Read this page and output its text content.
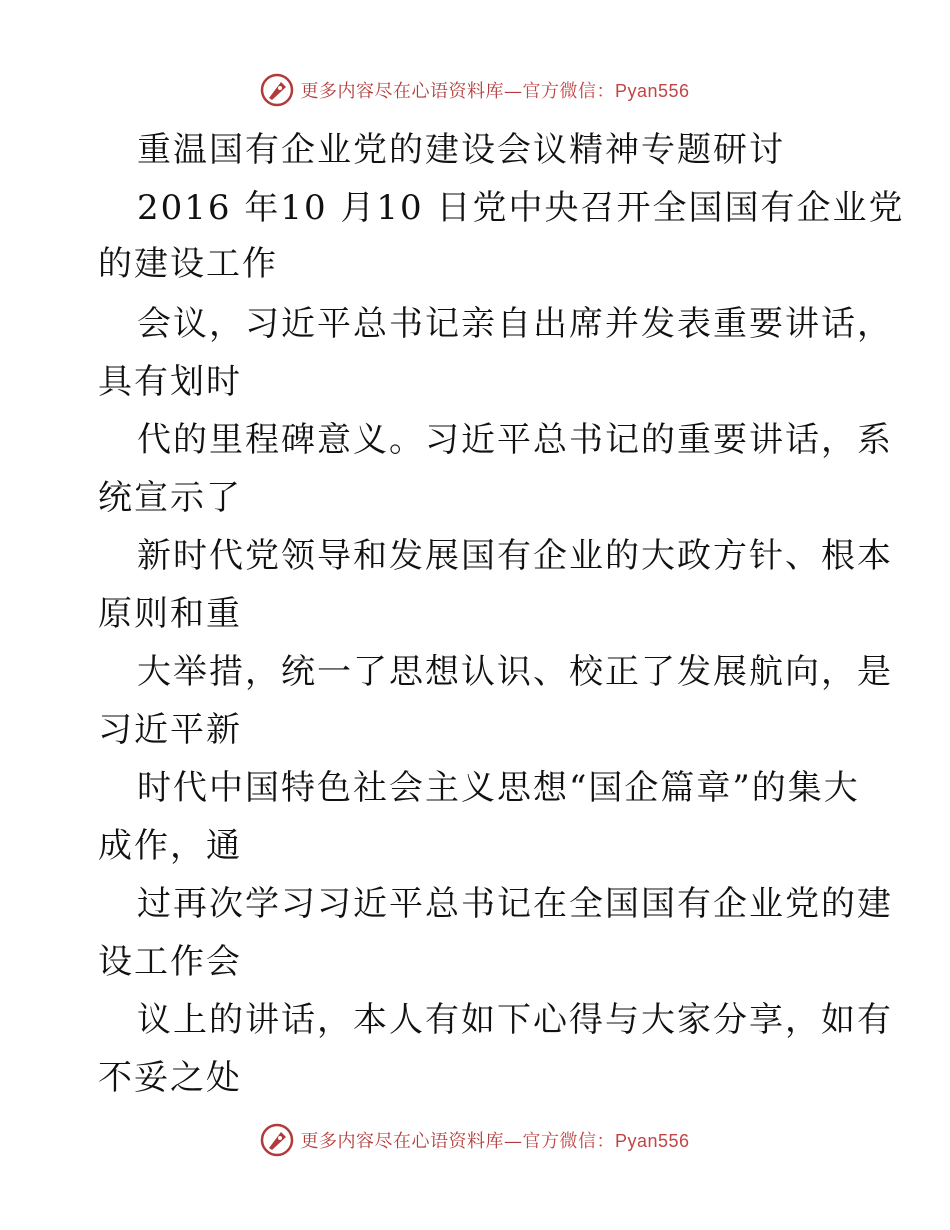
更多内容尽在心语资料库—官方微信：Pyan556
重温国有企业党的建设会议精神专题研讨
2016 年10 月10 日党中央召开全国国有企业党
的建设工作
会议，习近平总书记亲自出席并发表重要讲话，
具有划时
代的里程碑意义。习近平总书记的重要讲话，系
统宣示了
新时代党领导和发展国有企业的大政方针、根本
原则和重
大举措，统一了思想认识、校正了发展航向，是
习近平新
时代中国特色社会主义思想“国企篇章”的集大
成作，通
过再次学习习近平总书记在全国国有企业党的建
设工作会
议上的讲话，本人有如下心得与大家分享，如有
不妥之处
更多内容尽在心语资料库—官方微信：Pyan556
